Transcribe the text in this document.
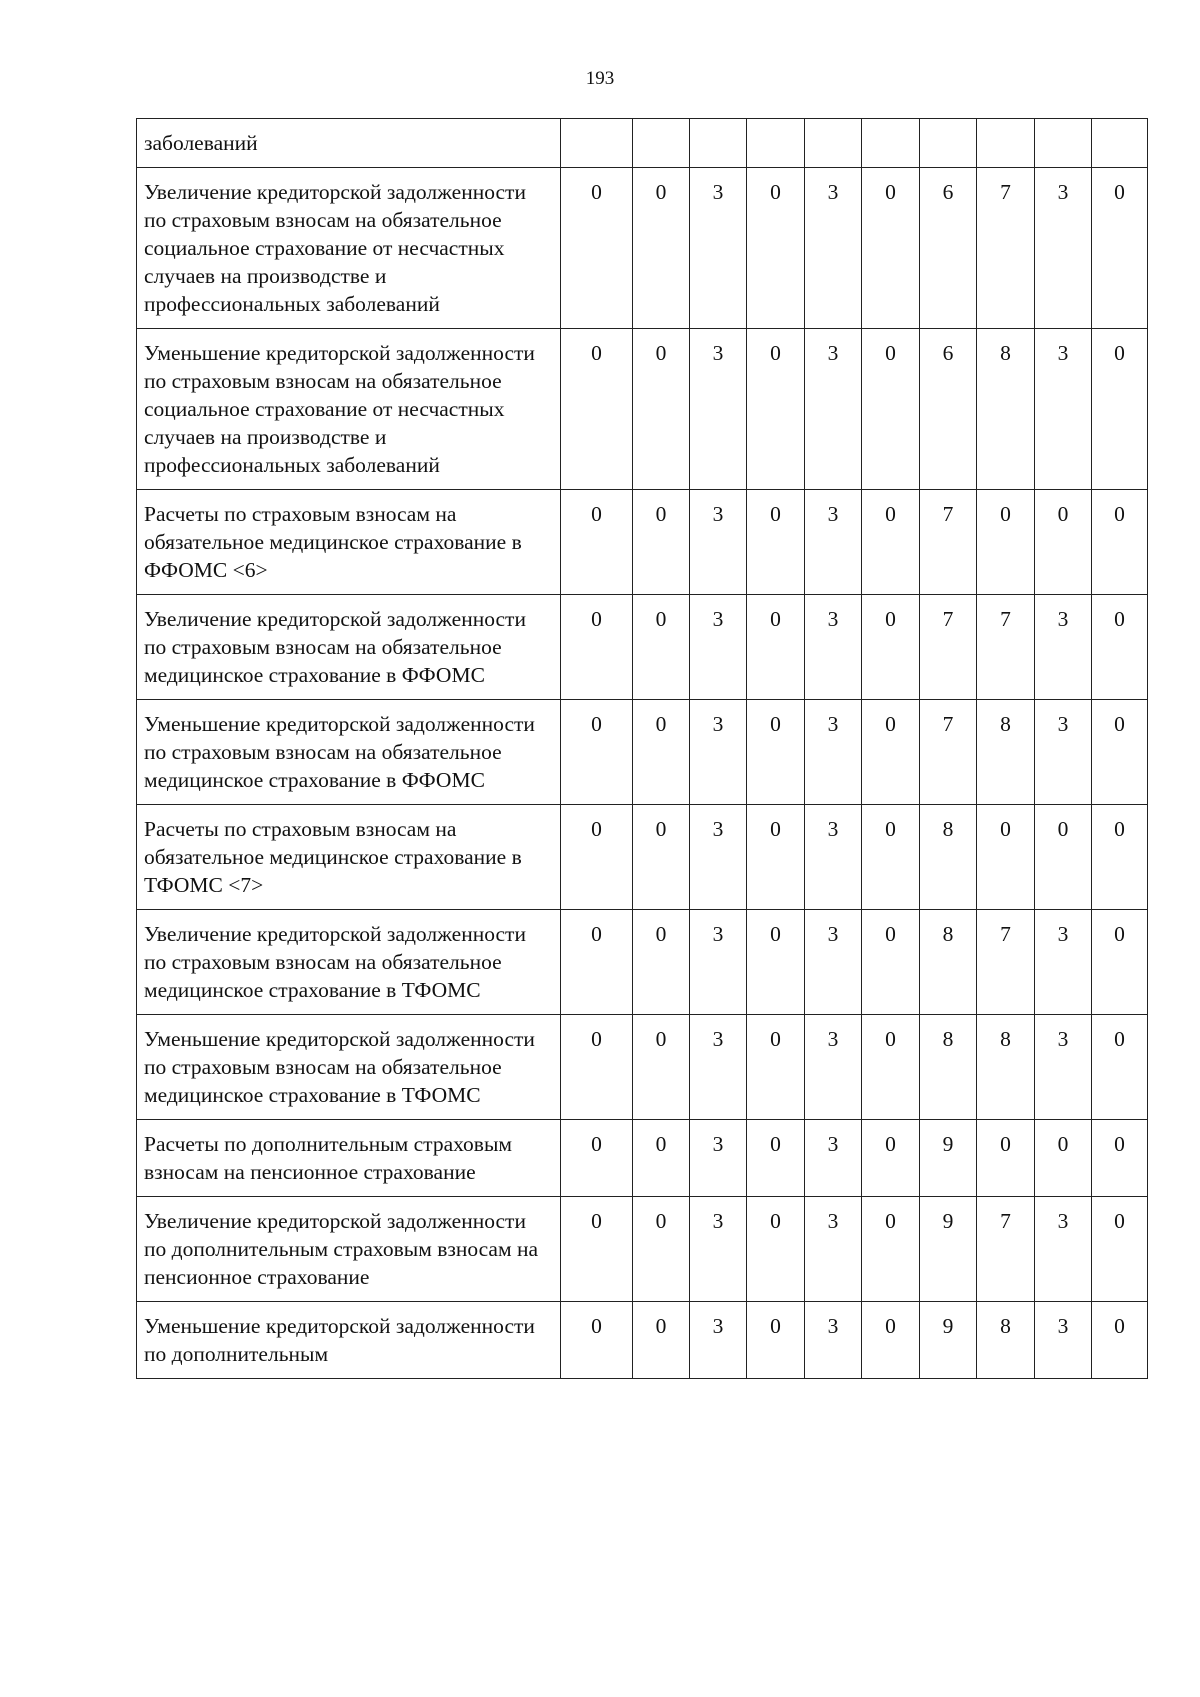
193
заболеваний										
Увеличение кредиторской задолженности по страховым взносам на обязательное социальное страхование от несчастных случаев на производстве и профессиональных заболеваний	0	0	3	0	3	0	6	7	3	0
Уменьшение кредиторской задолженности по страховым взносам на обязательное социальное страхование от несчастных случаев на производстве и профессиональных заболеваний	0	0	3	0	3	0	6	8	3	0
Расчеты по страховым взносам на обязательное медицинское страхование в ФФОМС <6>	0	0	3	0	3	0	7	0	0	0
Увеличение кредиторской задолженности по страховым взносам на обязательное медицинское страхование в ФФОМС	0	0	3	0	3	0	7	7	3	0
Уменьшение кредиторской задолженности по страховым взносам на обязательное медицинское страхование в ФФОМС	0	0	3	0	3	0	7	8	3	0
Расчеты по страховым взносам на обязательное медицинское страхование в ТФОМС <7>	0	0	3	0	3	0	8	0	0	0
Увеличение кредиторской задолженности по страховым взносам на обязательное медицинское страхование в ТФОМС	0	0	3	0	3	0	8	7	3	0
Уменьшение кредиторской задолженности по страховым взносам на обязательное медицинское страхование в ТФОМС	0	0	3	0	3	0	8	8	3	0
Расчеты по дополнительным страховым взносам на пенсионное страхование	0	0	3	0	3	0	9	0	0	0
Увеличение кредиторской задолженности по дополнительным страховым взносам на пенсионное страхование	0	0	3	0	3	0	9	7	3	0
Уменьшение кредиторской задолженности по дополнительным	0	0	3	0	3	0	9	8	3	0
